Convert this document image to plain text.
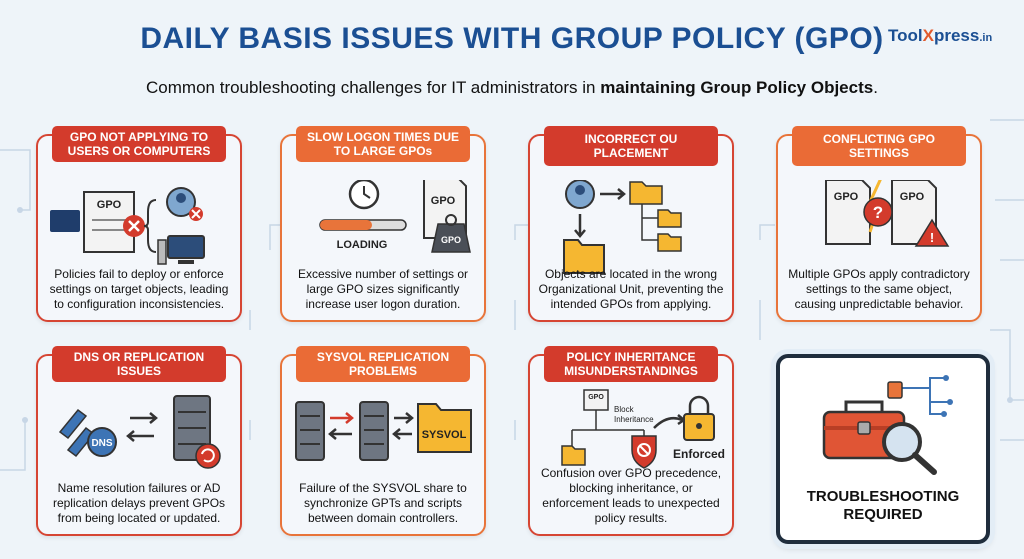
DAILY BASIS ISSUES WITH GROUP POLICY (GPO) ToolXpress.in
Common troubleshooting challenges for IT administrators in maintaining Group Policy Objects.
GPO NOT APPLYING TO USERS OR COMPUTERS
GPO
Policies fail to deploy or enforce settings on target objects, leading to configuration inconsistencies.
SLOW LOGON TIMES DUE TO LARGE GPOs
LOADING
GPO
GPO
Excessive number of settings or large GPO sizes significantly increase user logon duration.
INCORRECT OU PLACEMENT
Objects are located in the wrong Organizational Unit, preventing the intended GPOs from applying.
CONFLICTING GPO SETTINGS
GPO	GPO
?
!
Multiple GPOs apply contradictory settings to the same object, causing unpredictable behavior.
DNS OR REPLICATION ISSUES
DNS
Name resolution failures or AD replication delays prevent GPOs from being located or updated.
SYSVOL REPLICATION PROBLEMS
SYSVOL
Failure of the SYSVOL share to synchronize GPTs and scripts between domain controllers.
POLICY INHERITANCE MISUNDERSTANDINGS
GPO
Block
Inheritance
Enforced
Confusion over GPO precedence, blocking inheritance, or enforcement leads to unexpected policy results.
TROUBLESHOOTING
REQUIRED
